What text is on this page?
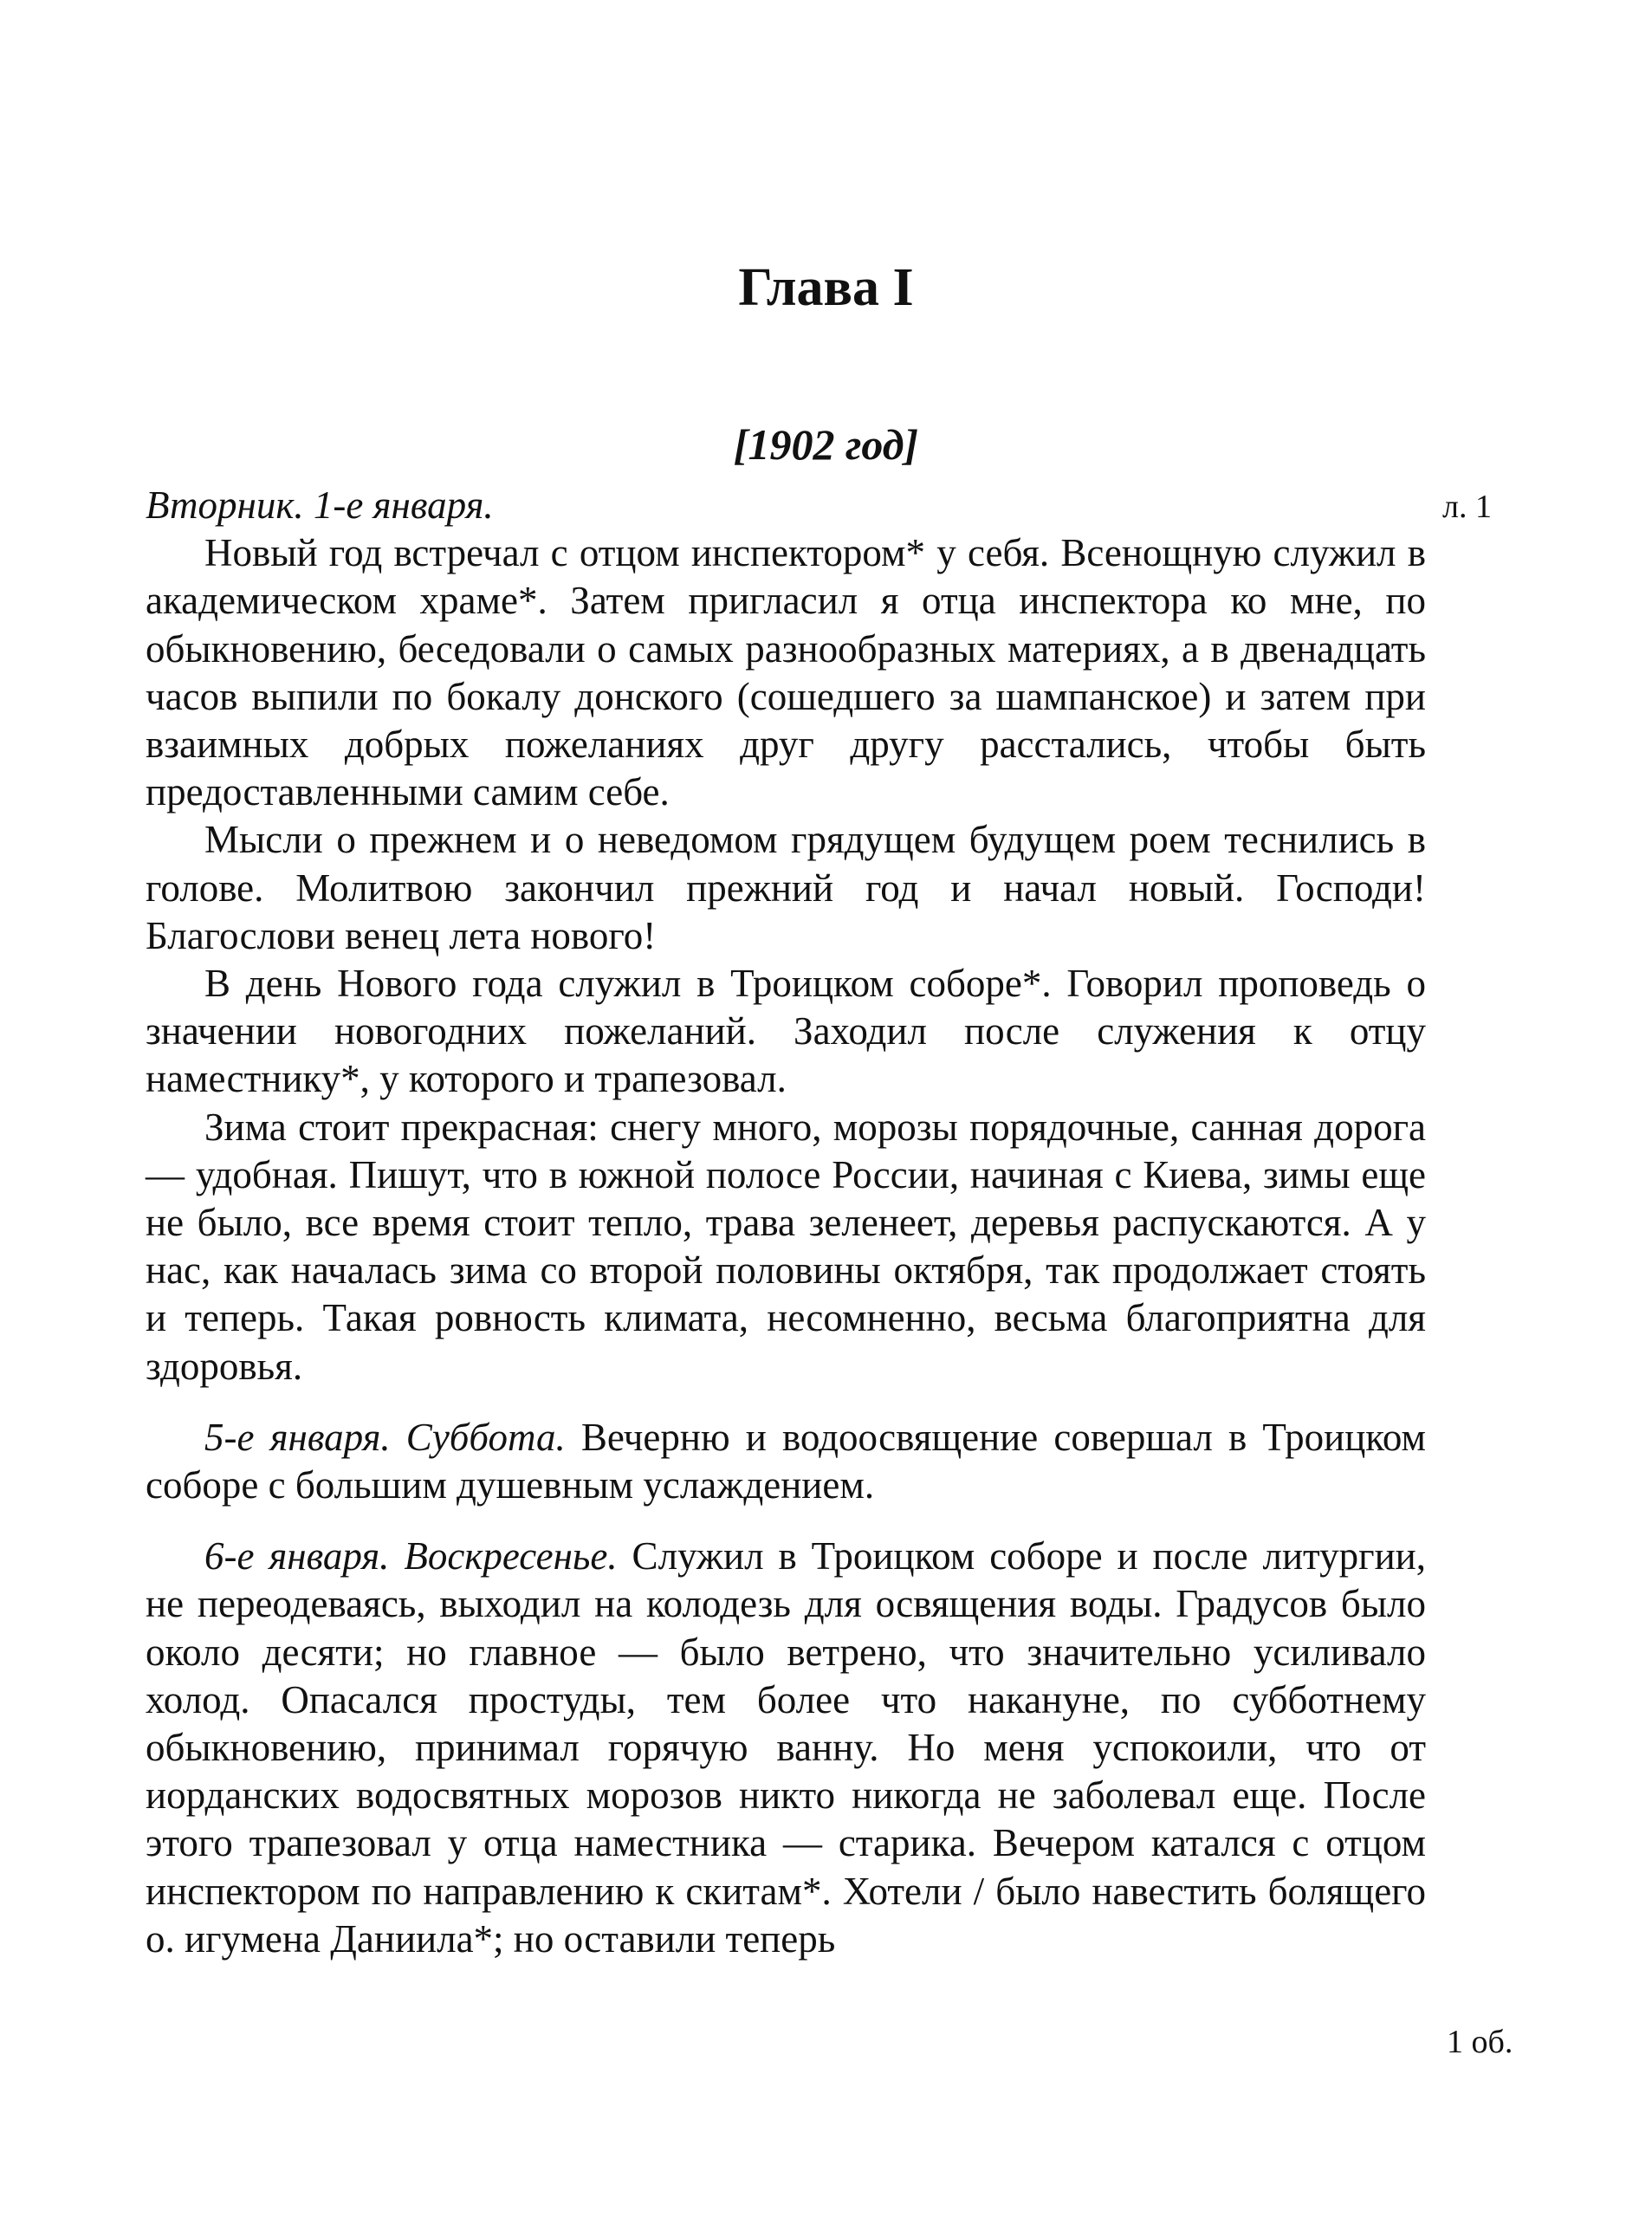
Глава I
[1902 год]
л. 1
1 об.

Вторник. 1-е января.

Новый год встречал с отцом инспектором* у себя. Всенощную служил в академическом храме*. Затем пригласил я отца инспектора ко мне, по обыкновению, беседовали о самых разнообразных материях, а в двенадцать часов выпили по бокалу донского (сошедшего за шампанское) и затем при взаимных добрых пожеланиях друг другу расстались, чтобы быть предоставленными самим себе.

Мысли о прежнем и о неведомом грядущем будущем роем теснились в голове. Молитвою закончил прежний год и начал новый. Господи! Благослови венец лета нового!

В день Нового года служил в Троицком соборе*. Говорил проповедь о значении новогодних пожеланий. Заходил после служения к отцу наместнику*, у которого и трапезовал.

Зима стоит прекрасная: снегу много, морозы порядочные, санная дорога — удобная. Пишут, что в южной полосе России, начиная с Киева, зимы еще не было, все время стоит тепло, трава зеленеет, деревья распускаются. А у нас, как началась зима со второй половины октября, так продолжает стоять и теперь. Такая ровность климата, несомненно, весьма благоприятна для здоровья.

5-е января. Суббота. Вечерню и водоосвящение совершал в Троицком соборе с большим душевным услаждением.

6-е января. Воскресенье. Служил в Троицком соборе и после литургии, не переодеваясь, выходил на колодезь для освящения воды. Градусов было около десяти; но главное — было ветрено, что значительно усиливало холод. Опасался простуды, тем более что накануне, по субботнему обыкновению, принимал горячую ванну. Но меня успокоили, что от иорданских водосвятных морозов никто никогда не заболевал еще. После этого трапезовал у отца наместника — старика. Вечером катался с отцом инспектором по направлению к скитам*. Хотели / было навестить болящего о. игумена Даниила*; но оставили теперь
